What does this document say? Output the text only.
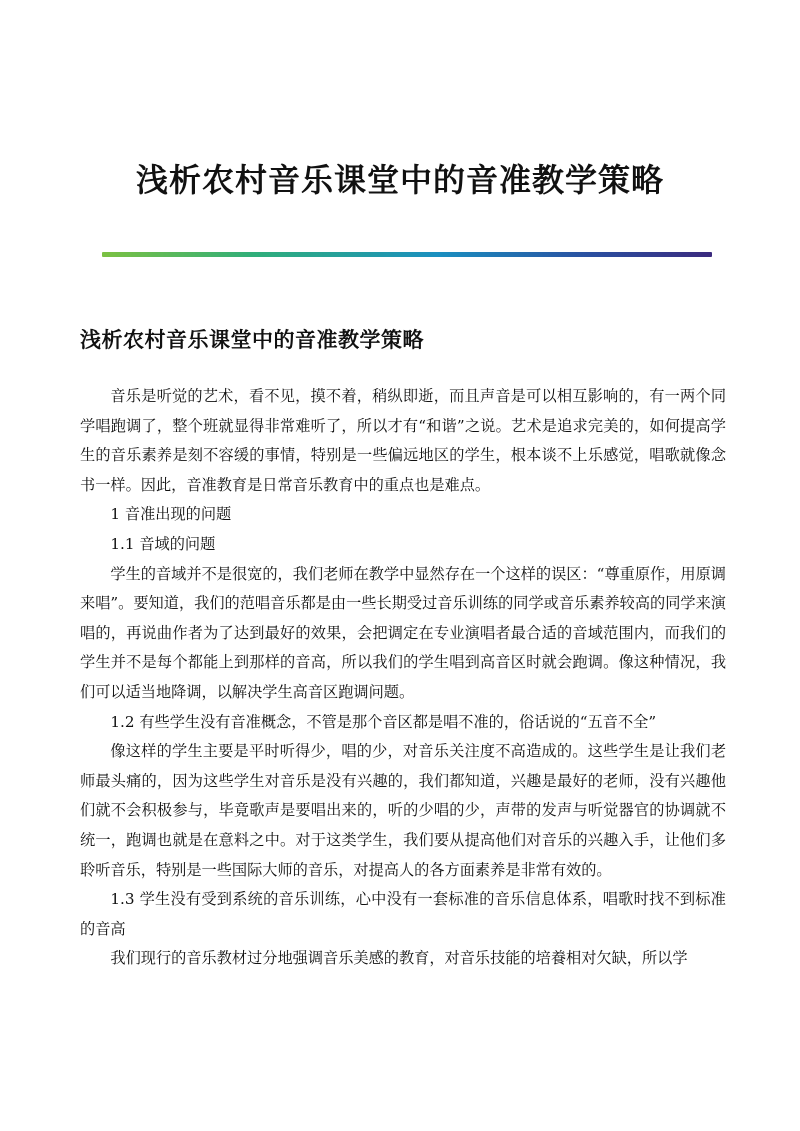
浅析农村音乐课堂中的音准教学策略
浅析农村音乐课堂中的音准教学策略

音乐是听觉的艺术，看不见，摸不着，稍纵即逝，而且声音是可以相互影响的，有一两个同学唱跑调了，整个班就显得非常难听了，所以才有“和谐”之说。艺术是追求完美的，如何提高学生的音乐素养是刻不容缓的事情，特别是一些偏远地区的学生，根本谈不上乐感觉，唱歌就像念书一样。因此，音准教育是日常音乐教育中的重点也是难点。

1 音准出现的问题

1.1 音域的问题

学生的音域并不是很宽的，我们老师在教学中显然存在一个这样的误区：“尊重原作，用原调来唱”。要知道，我们的范唱音乐都是由一些长期受过音乐训练的同学或音乐素养较高的同学来演唱的，再说曲作者为了达到最好的效果，会把调定在专业演唱者最合适的音域范围内，而我们的学生并不是每个都能上到那样的音高，所以我们的学生唱到高音区时就会跑调。像这种情况，我们可以适当地降调，以解决学生高音区跑调问题。

1.2 有些学生没有音准概念，不管是那个音区都是唱不准的，俗话说的“五音不全”

像这样的学生主要是平时听得少，唱的少，对音乐关注度不高造成的。这些学生是让我们老师最头痛的，因为这些学生对音乐是没有兴趣的，我们都知道，兴趣是最好的老师，没有兴趣他们就不会积极参与，毕竟歌声是要唱出来的，听的少唱的少，声带的发声与听觉器官的协调就不统一，跑调也就是在意料之中。对于这类学生，我们要从提高他们对音乐的兴趣入手，让他们多聆听音乐，特别是一些国际大师的音乐，对提高人的各方面素养是非常有效的。

1.3 学生没有受到系统的音乐训练，心中没有一套标准的音乐信息体系，唱歌时找不到标准的音高

我们现行的音乐教材过分地强调音乐美感的教育，对音乐技能的培養相对欠缺，所以学
